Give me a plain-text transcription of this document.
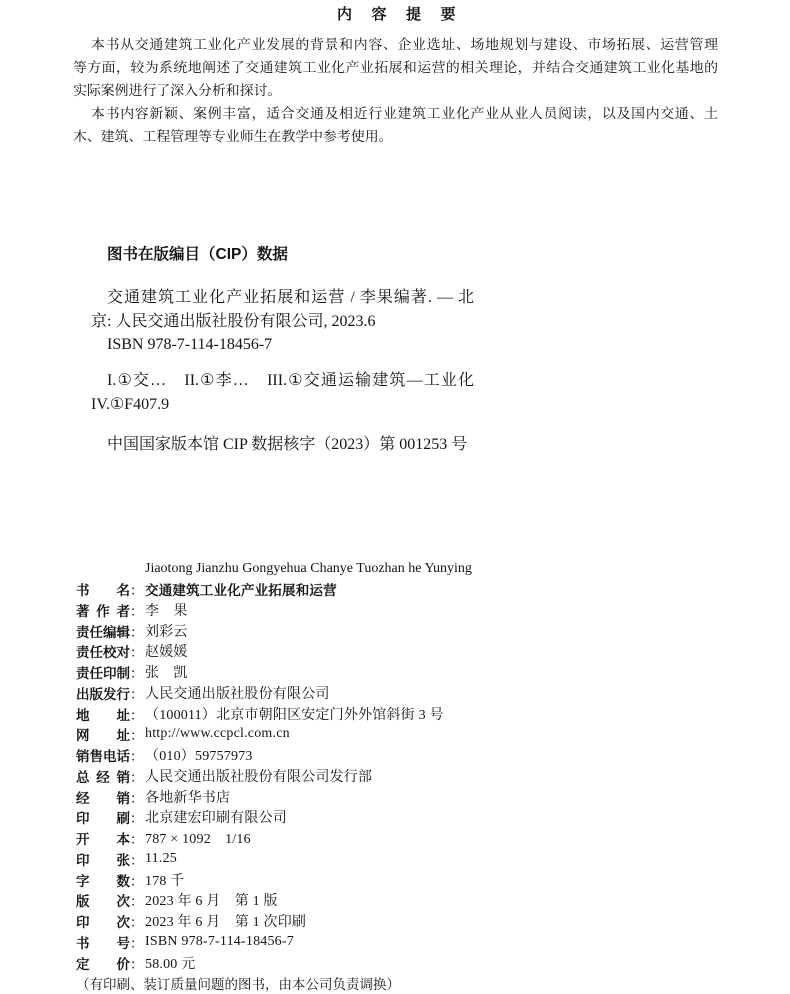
内容提要
本书从交通建筑工业化产业发展的背景和内容、企业选址、场地规划与建设、市场拓展、运营管理
等方面，较为系统地阐述了交通建筑工业化产业拓展和运营的相关理论，并结合交通建筑工业化基地的
实际案例进行了深入分析和探讨。
本书内容新颖、案例丰富，适合交通及相近行业建筑工业化产业从业人员阅读，以及国内交通、土
木、建筑、工程管理等专业师生在教学中参考使用。
图书在版编目（CIP）数据
交通建筑工业化产业拓展和运营 / 李果编著. — 北
京: 人民交通出版社股份有限公司, 2023.6
ISBN 978-7-114-18456-7
I.①交…　II.①李…　III.①交通运输建筑—工业化
IV.①F407.9
中国国家版本馆 CIP 数据核字（2023）第 001253 号
Jiaotong Jianzhu Gongyehua Chanye Tuozhan he Yunying
书名 ： 交通建筑工业化产业拓展和运营
著作者 ： 李　果
责任编辑 ： 刘彩云
责任校对 ： 赵媛媛
责任印制 ： 张　凯
出版发行 ： 人民交通出版社股份有限公司
地址 ： （100011）北京市朝阳区安定门外外馆斜街 3 号
网址 ： http://www.ccpcl.com.cn
销售电话 ： （010）59757973
总经销 ： 人民交通出版社股份有限公司发行部
经销 ： 各地新华书店
印刷 ： 北京建宏印刷有限公司
开本 ： 787 × 1092　1/16
印张 ： 11.25
字数 ： 178 千
版次 ： 2023 年 6 月　第 1 版
印次 ： 2023 年 6 月　第 1 次印刷
书号 ： ISBN 978-7-114-18456-7
定价 ： 58.00 元
（有印刷、装订质量问题的图书，由本公司负责调换）
